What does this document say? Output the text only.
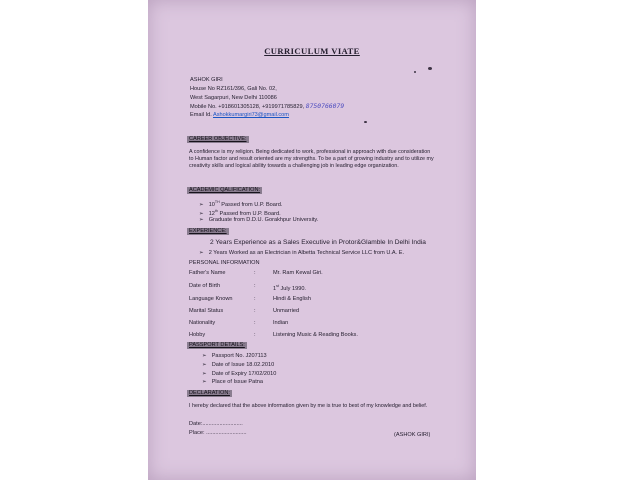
CURRICULUM VIATE
ASHOK GIRI
House No RZ161/396, Gali No. 02,
West Sagarpuri, New Delhi 110086
Mobile No. +918601305128, +919971785829, 8750766079
Email Id. Ashokkumargiri73@gmail.com
CAREER OBJECTIVE:
A confidence is my religion. Being dedicated to work, professional in approach with due consideration to Human factor and result oriented are my strengths. To be a part of growing industry and to utilize my creativity skills and logical ability towards a challenging job in leading edge organization.
ACADEMIC QALIFICATION:
➢ 10TH Passed from U.P. Board.
➢ 12th Passed from U.P. Board.
➢ Graduate from D.D.U. Gorakhpur University.
EXPERIENCE:
2 Years Experience as a Sales Executive in Protor&Glamble In Delhi India
➢ 2 Years Worked as an Electrician in Albetta Technical Service LLC from U.A. E.
PERSONAL INFORMATION
Father's Name	:	Mr. Ram Kewal Giri.
Date of Birth	:	1st July 1990.
Language Known	:	Hindi & English
Marital Status	:	Unmarried
Nationality	:	Indian
Hobby	:	Listening Music & Reading Books.
PASSPORT DETAILS:
➢ Passport No. J207113
➢ Date of Issue 18.02.2010
➢ Date of Expiry 17/02/2010
➢ Place of Issue Patna
DECLARATION:
I hereby declared that the above information given by me is true to best of my knowledge and belief.
Date:..........................
Place: ..........................	(ASHOK GIRI)
